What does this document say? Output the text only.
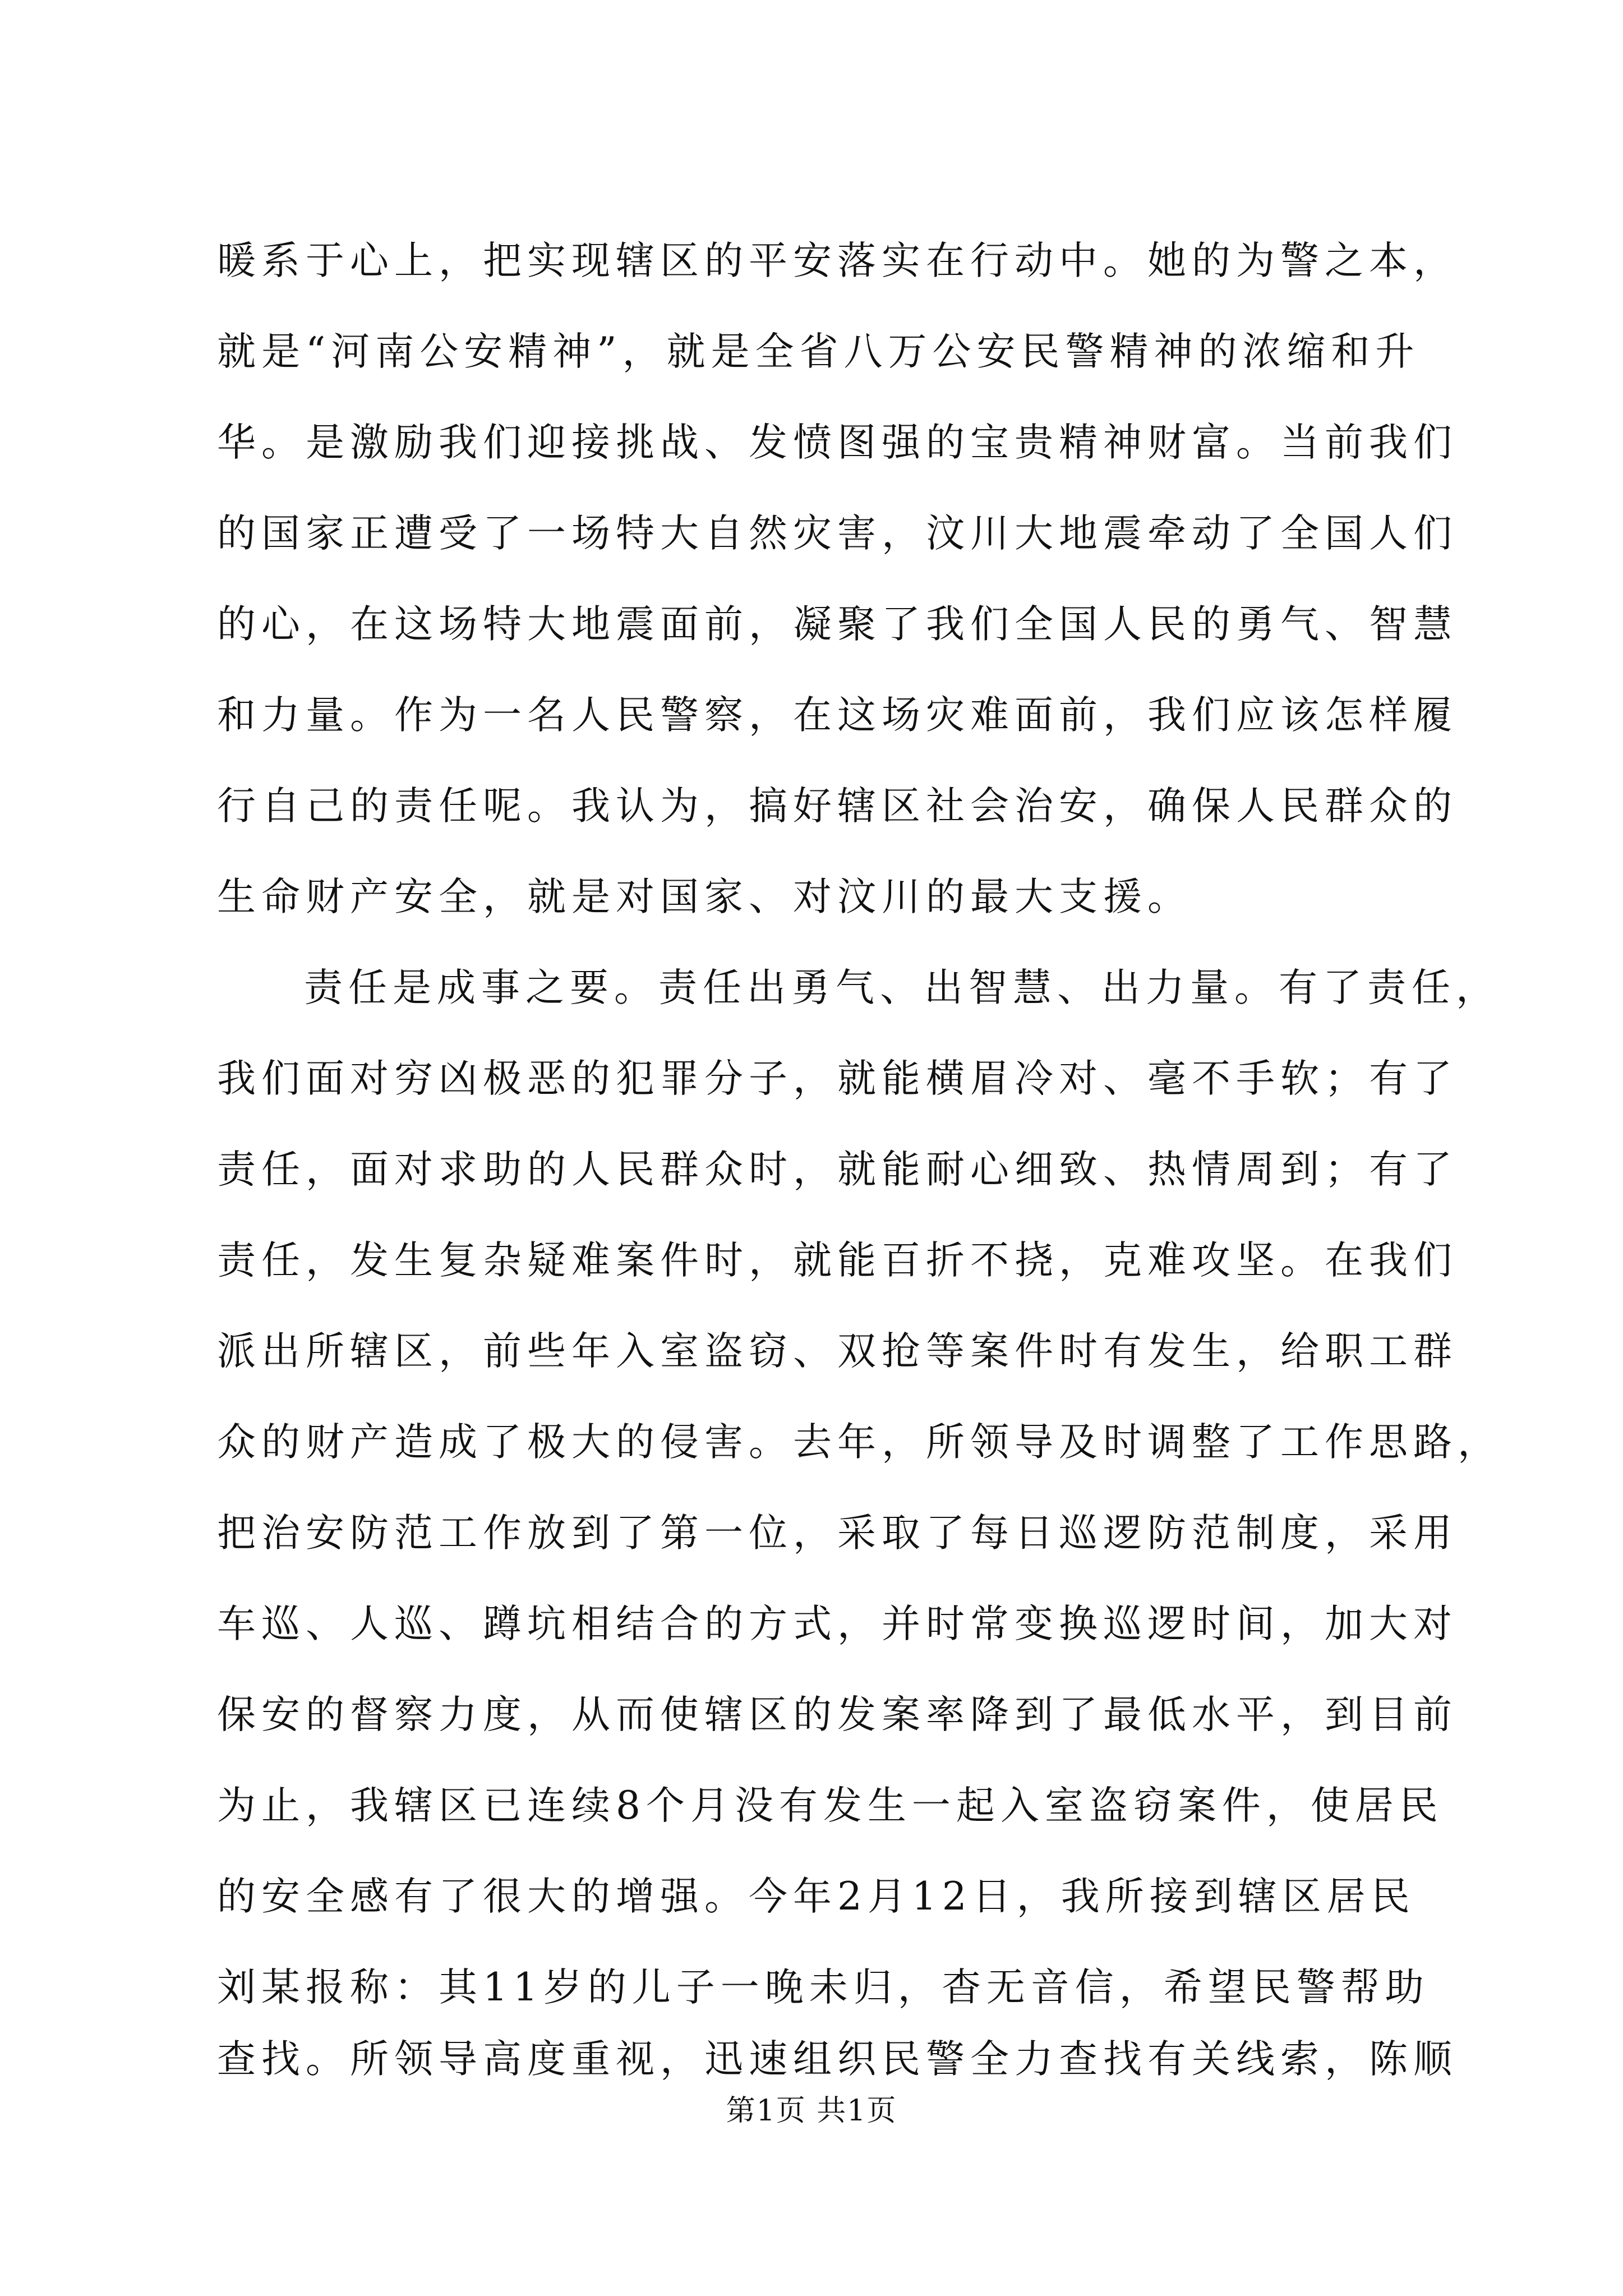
暖系于心上，把实现辖区的平安落实在行动中。她的为警之本，
就是“河南公安精神”，就是全省八万公安民警精神的浓缩和升
华。是激励我们迎接挑战、发愤图强的宝贵精神财富。当前我们
的国家正遭受了一场特大自然灾害，汶川大地震牵动了全国人们
的心，在这场特大地震面前，凝聚了我们全国人民的勇气、智慧
和力量。作为一名人民警察，在这场灾难面前，我们应该怎样履
行自己的责任呢。我认为，搞好辖区社会治安，确保人民群众的
生命财产安全，就是对国家、对汶川的最大支援。
责任是成事之要。责任出勇气、出智慧、出力量。有了责任，
我们面对穷凶极恶的犯罪分子，就能横眉冷对、毫不手软；有了
责任，面对求助的人民群众时，就能耐心细致、热情周到；有了
责任，发生复杂疑难案件时，就能百折不挠，克难攻坚。在我们
派出所辖区，前些年入室盗窃、双抢等案件时有发生，给职工群
众的财产造成了极大的侵害。去年，所领导及时调整了工作思路，
把治安防范工作放到了第一位，采取了每日巡逻防范制度，采用
车巡、人巡、蹲坑相结合的方式，并时常变换巡逻时间，加大对
保安的督察力度，从而使辖区的发案率降到了最低水平，到目前
为止，我辖区已连续8个月没有发生一起入室盗窃案件，使居民
的安全感有了很大的增强。今年2月12日，我所接到辖区居民
刘某报称：其11岁的儿子一晚未归，杳无音信，希望民警帮助
查找。所领导高度重视，迅速组织民警全力查找有关线索，陈顺
第1页 共1页
